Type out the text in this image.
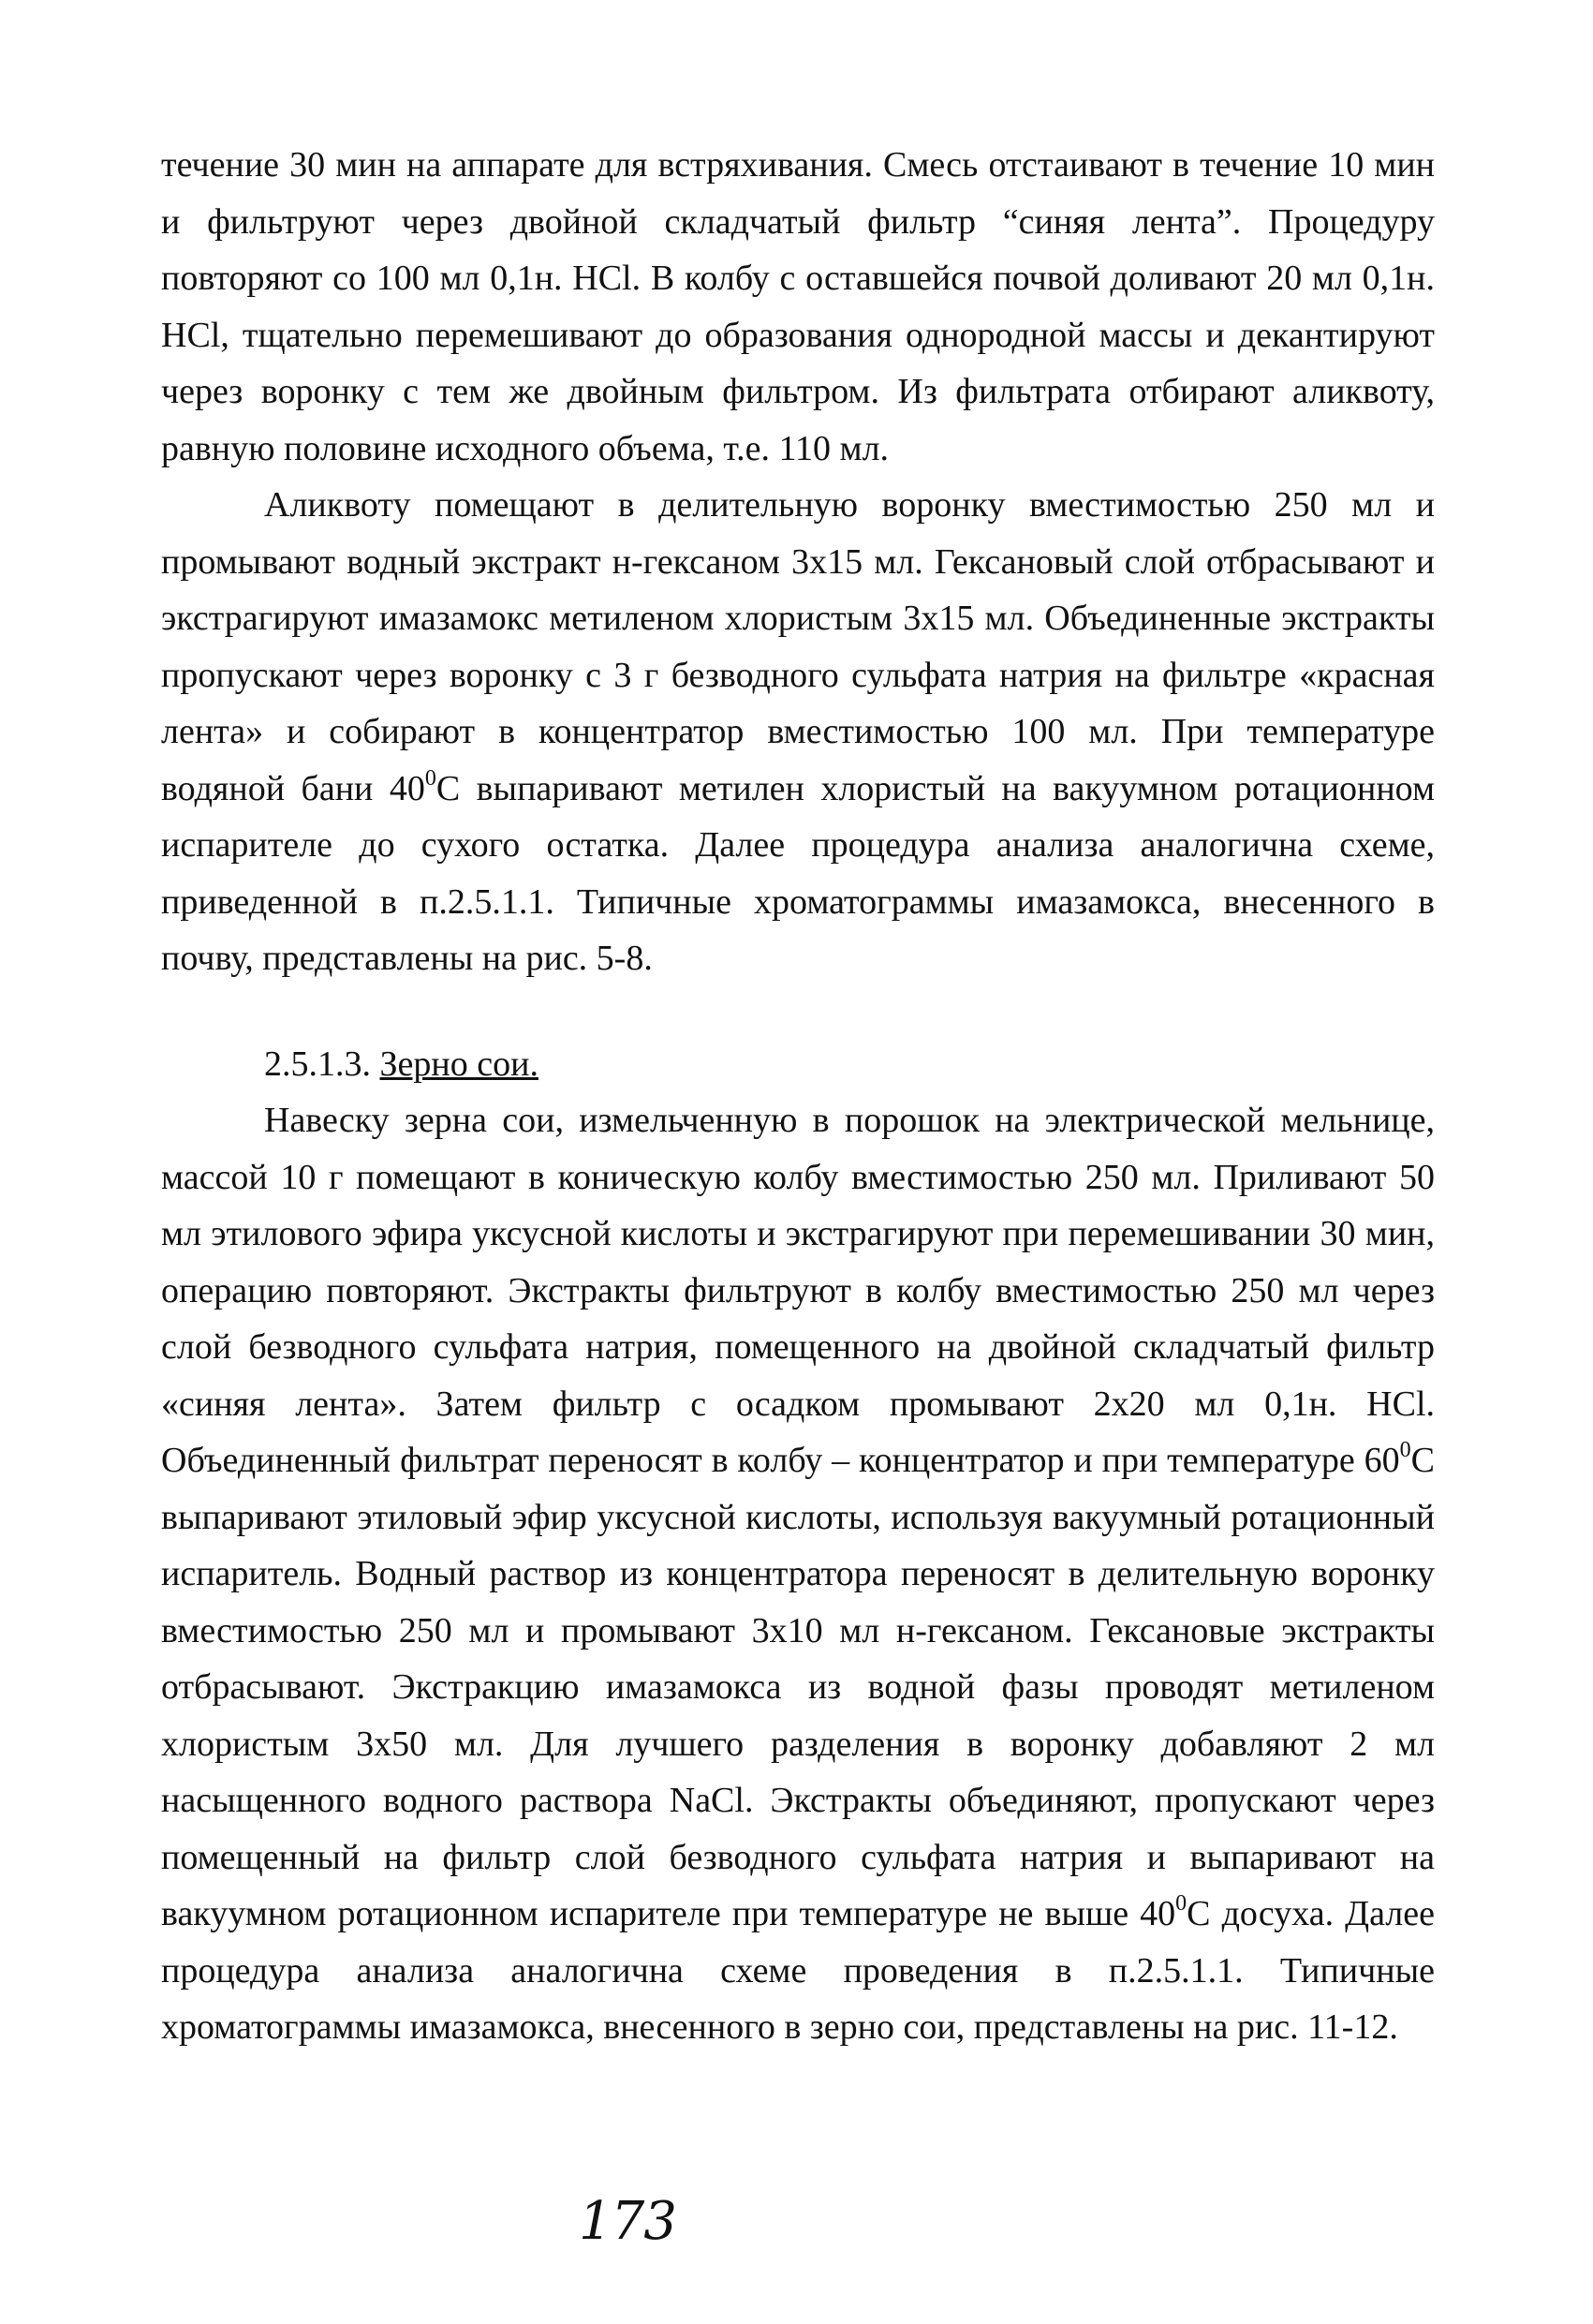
течение 30 мин на аппарате для встряхивания. Смесь отстаивают в течение 10 мин и фильтруют через двойной складчатый фильтр “синяя лента”. Процедуру повторяют со 100 мл 0,1н. HCl. В колбу с оставшейся почвой доливают 20 мл 0,1н. HCl, тщательно перемешивают до образования однородной массы и декантируют через воронку с тем же двойным фильтром. Из фильтрата отбирают аликвоту, равную половине исходного объема, т.е. 110 мл.

Аликвоту помещают в делительную воронку вместимостью 250 мл и промывают водный экстракт н-гексаном 3х15 мл. Гексановый слой отбрасывают и экстрагируют имазамокс метиленом хлористым 3х15 мл. Объединенные экстракты пропускают через воронку с 3 г безводного сульфата натрия на фильтре «красная лента» и собирают в концентратор вместимостью 100 мл. При температуре водяной бани $40^0С$ выпаривают метилен хлористый на вакуумном ротационном испарителе до сухого остатка. Далее процедура анализа аналогична схеме, приведенной в п.2.5.1.1. Типичные хроматограммы имазамокса, внесенного в почву, представлены на рис. 5-8.

2.5.1.3. Зерно сои.

Навеску зерна сои, измельченную в порошок на электрической мельнице, массой 10 г помещают в коническую колбу вместимостью 250 мл. Приливают 50 мл этилового эфира уксусной кислоты и экстрагируют при перемешивании 30 мин, операцию повторяют. Экстракты фильтруют в колбу вместимостью 250 мл через слой безводного сульфата натрия, помещенного на двойной складчатый фильтр «синяя лента». Затем фильтр с осадком промывают 2х20 мл 0,1н. HCl. Объединенный фильтрат переносят в колбу – концентратор и при температуре $60^0С$ выпаривают этиловый эфир уксусной кислоты, используя вакуумный ротационный испаритель. Водный раствор из концентратора переносят в делительную воронку вместимостью 250 мл и промывают 3х10 мл н-гексаном. Гексановые экстракты отбрасывают. Экстракцию имазамокса из водной фазы проводят метиленом хлористым 3х50 мл. Для лучшего разделения в воронку добавляют 2 мл насыщенного водного раствора NaCl. Экстракты объединяют, пропускают через помещенный на фильтр слой безводного сульфата натрия и выпаривают на вакуумном ротационном испарителе при температуре не выше $40^0С$ досуха. Далее процедура анализа аналогична схеме проведения в п.2.5.1.1. Типичные хроматограммы имазамокса, внесенного в зерно сои, представлены на рис. 11-12.

173
